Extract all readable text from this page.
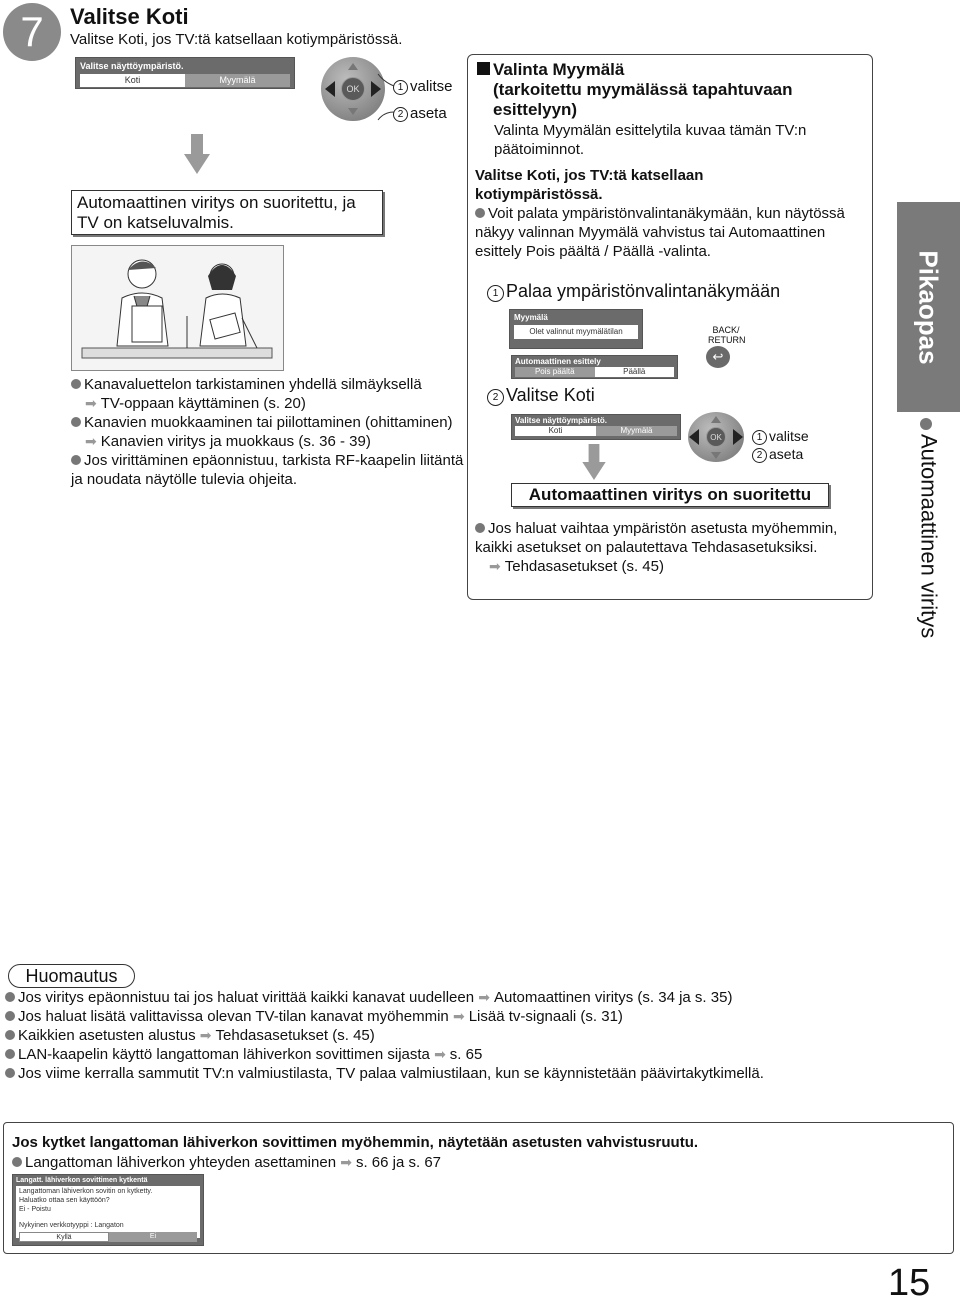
7 Valitse Koti
Valitse Koti, jos TV:tä katsellaan kotiympäristössä.
Valitse näyttöympäristö.
Koti	Myymälä
OK	1 valitse
2 aseta
Automaattinen viritys on suoritettu, ja TV on katseluvalmis.
Kanavaluettelon tarkistaminen yhdellä silmäyksellä
➡ TV-oppaan käyttäminen (s. 20)
Kanavien muokkaaminen tai piilottaminen (ohittaminen)
➡ Kanavien viritys ja muokkaus (s. 36 - 39)
Jos virittäminen epäonnistuu, tarkista RF-kaapelin liitäntä ja noudata näytölle tulevia ohjeita.
Valinta Myymälä
(tarkoitettu myymälässä tapahtuvaan esittelyyn)
Valinta Myymälän esittelytila kuvaa tämän TV:n päätoiminnot.
Valitse Koti, jos TV:tä katsellaan kotiympäristössä.
Voit palata ympäristönvalintanäkymään, kun näytössä näkyy valinnan Myymälä vahvistus tai Automaattinen esittely Pois päältä / Päällä -valinta.
1 Palaa ympäristönvalintanäkymään
Myymälä
Olet valinnut myymälätilan
Automaattinen esittely
Pois päältä	Päällä
BACK/
RETURN
↩
2 Valitse Koti
Valitse näyttöympäristö.
Koti	Myymälä
OK	1 valitse
2 aseta
Automaattinen viritys on suoritettu
Jos haluat vaihtaa ympäristön asetusta myöhemmin, kaikki asetukset on palautettava Tehdasasetuksiksi.
➡ Tehdasasetukset (s. 45)
Pikaopas
Automaattinen viritys
Huomautus
Jos viritys epäonnistuu tai jos haluat virittää kaikki kanavat uudelleen ➡ Automaattinen viritys (s. 34 ja s. 35)
Jos haluat lisätä valittavissa olevan TV-tilan kanavat myöhemmin ➡ Lisää tv-signaali (s. 31)
Kaikkien asetusten alustus ➡ Tehdasasetukset (s. 45)
LAN-kaapelin käyttö langattoman lähiverkon sovittimen sijasta ➡ s. 65
Jos viime kerralla sammutit TV:n valmiustilasta, TV palaa valmiustilaan, kun se käynnistetään päävirtakytkimellä.
Jos kytket langattoman lähiverkon sovittimen myöhemmin, näytetään asetusten vahvistusruutu.
Langattoman lähiverkon yhteyden asettaminen ➡ s. 66 ja s. 67
Langatt. lähiverkon sovittimen kytkentä
Langattoman lähiverkon sovitin on kytketty.
Haluatko ottaa sen käyttöön?
Ei - Poistu
Nykyinen verkkotyyppi : Langaton
Kyllä	Ei
15
